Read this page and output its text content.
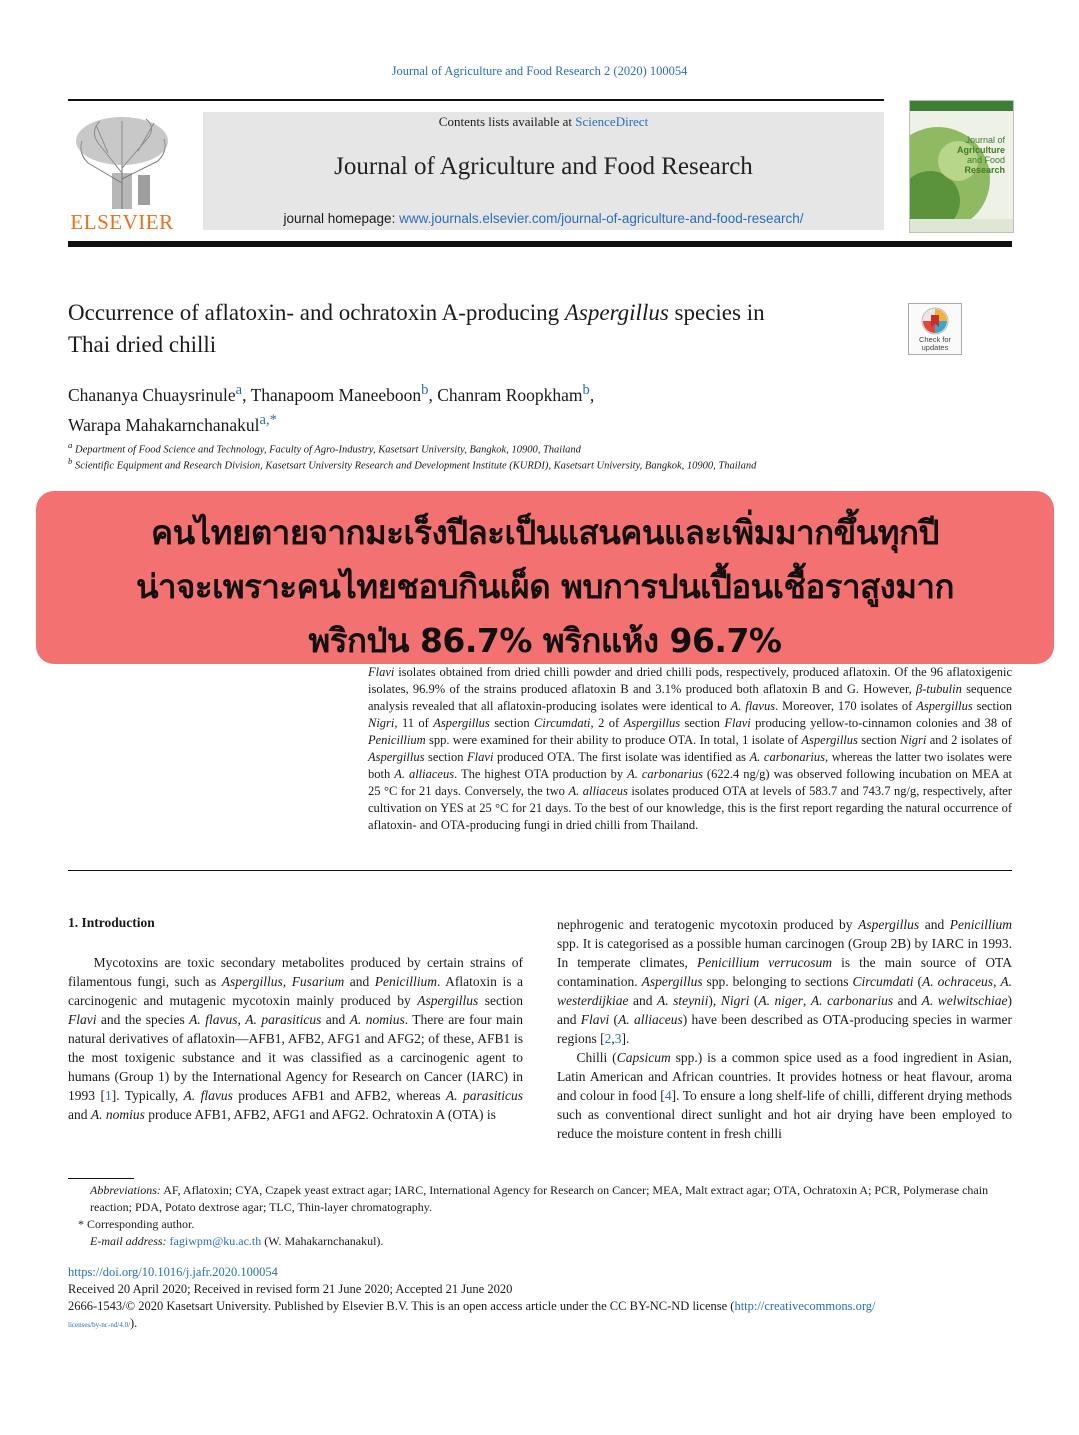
Journal of Agriculture and Food Research 2 (2020) 100054
ELSEVIER
Contents lists available at ScienceDirect
Journal of Agriculture and Food Research
journal homepage: www.journals.elsevier.com/journal-of-agriculture-and-food-research/
Journal of
Agriculture
and Food
Research
Occurrence of aflatoxin- and ochratoxin A-producing Aspergillus species in
Thai dried chilli	Check for updates
Chananya Chuaysrinule$^a$, Thanapoom Maneeboon$^b$, Chanram Roopkham$^b$,
Warapa Mahakarnchanakul$^{a,*}$
$^a$ Department of Food Science and Technology, Faculty of Agro-Industry, Kasetsart University, Bangkok, 10900, Thailand
$^b$ Scientific Equipment and Research Division, Kasetsart University Research and Development Institute (KURDI), Kasetsart University, Bangkok, 10900, Thailand
คนไทยตายจากมะเร็งปีละเป็นแสนคนและเพิ่มมากขึ้นทุกปี
น่าจะเพราะคนไทยชอบกินเผ็ด พบการปนเปื้อนเชื้อราสูงมาก
พริกป่น 86.7% พริกแห้ง 96.7%
Flavi isolates obtained from dried chilli powder and dried chilli pods, respectively, produced aflatoxin. Of the 96 aflatoxigenic isolates, 96.9% of the strains produced aflatoxin B and 3.1% produced both aflatoxin B and G. However, β-tubulin sequence analysis revealed that all aflatoxin-producing isolates were identical to A. flavus. Moreover, 170 isolates of Aspergillus section Nigri, 11 of Aspergillus section Circumdati, 2 of Aspergillus section Flavi producing yellow-to-cinnamon colonies and 38 of Penicillium spp. were examined for their ability to produce OTA. In total, 1 isolate of Aspergillus section Nigri and 2 isolates of Aspergillus section Flavi produced OTA. The first isolate was identified as A. carbonarius, whereas the latter two isolates were both A. alliaceus. The highest OTA production by A. carbonarius (622.4 ng/g) was observed following incubation on MEA at 25 °C for 21 days. Conversely, the two A. alliaceus isolates produced OTA at levels of 583.7 and 743.7 ng/g, respectively, after cultivation on YES at 25 °C for 21 days. To the best of our knowledge, this is the first report regarding the natural occurrence of aflatoxin- and OTA-producing fungi in dried chilli from Thailand.
1. Introduction
Mycotoxins are toxic secondary metabolites produced by certain strains of filamentous fungi, such as Aspergillus, Fusarium and Penicillium. Aflatoxin is a carcinogenic and mutagenic mycotoxin mainly produced by Aspergillus section Flavi and the species A. flavus, A. parasiticus and A. nomius. There are four main natural derivatives of aflatoxin—AFB1, AFB2, AFG1 and AFG2; of these, AFB1 is the most toxigenic substance and it was classified as a carcinogenic agent to humans (Group 1) by the International Agency for Research on Cancer (IARC) in 1993 [1]. Typically, A. flavus produces AFB1 and AFB2, whereas A. parasiticus and A. nomius produce AFB1, AFB2, AFG1 and AFG2. Ochratoxin A (OTA) is
nephrogenic and teratogenic mycotoxin produced by Aspergillus and Penicillium spp. It is categorised as a possible human carcinogen (Group 2B) by IARC in 1993. In temperate climates, Penicillium verrucosum is the main source of OTA contamination. Aspergillus spp. belonging to sections Circumdati (A. ochraceus, A. westerdijkiae and A. steynii), Nigri (A. niger, A. carbonarius and A. welwitschiae) and Flavi (A. alliaceus) have been described as OTA-producing species in warmer regions [2,3].
Chilli (Capsicum spp.) is a common spice used as a food ingredient in Asian, Latin American and African countries. It provides hotness or heat flavour, aroma and colour in food [4]. To ensure a long shelf-life of chilli, different drying methods such as conventional direct sunlight and hot air drying have been employed to reduce the moisture content in fresh chilli
Abbreviations: AF, Aflatoxin; CYA, Czapek yeast extract agar; IARC, International Agency for Research on Cancer; MEA, Malt extract agar; OTA, Ochratoxin A; PCR, Polymerase chain reaction; PDA, Potato dextrose agar; TLC, Thin-layer chromatography.
* Corresponding author.
E-mail address: fagiwpm@ku.ac.th (W. Mahakarnchanakul).
https://doi.org/10.1016/j.jafr.2020.100054
Received 20 April 2020; Received in revised form 21 June 2020; Accepted 21 June 2020
2666-1543/© 2020 Kasetsart University. Published by Elsevier B.V. This is an open access article under the CC BY-NC-ND license (http://creativecommons.org/
licenses/by-nc-nd/4.0/).
